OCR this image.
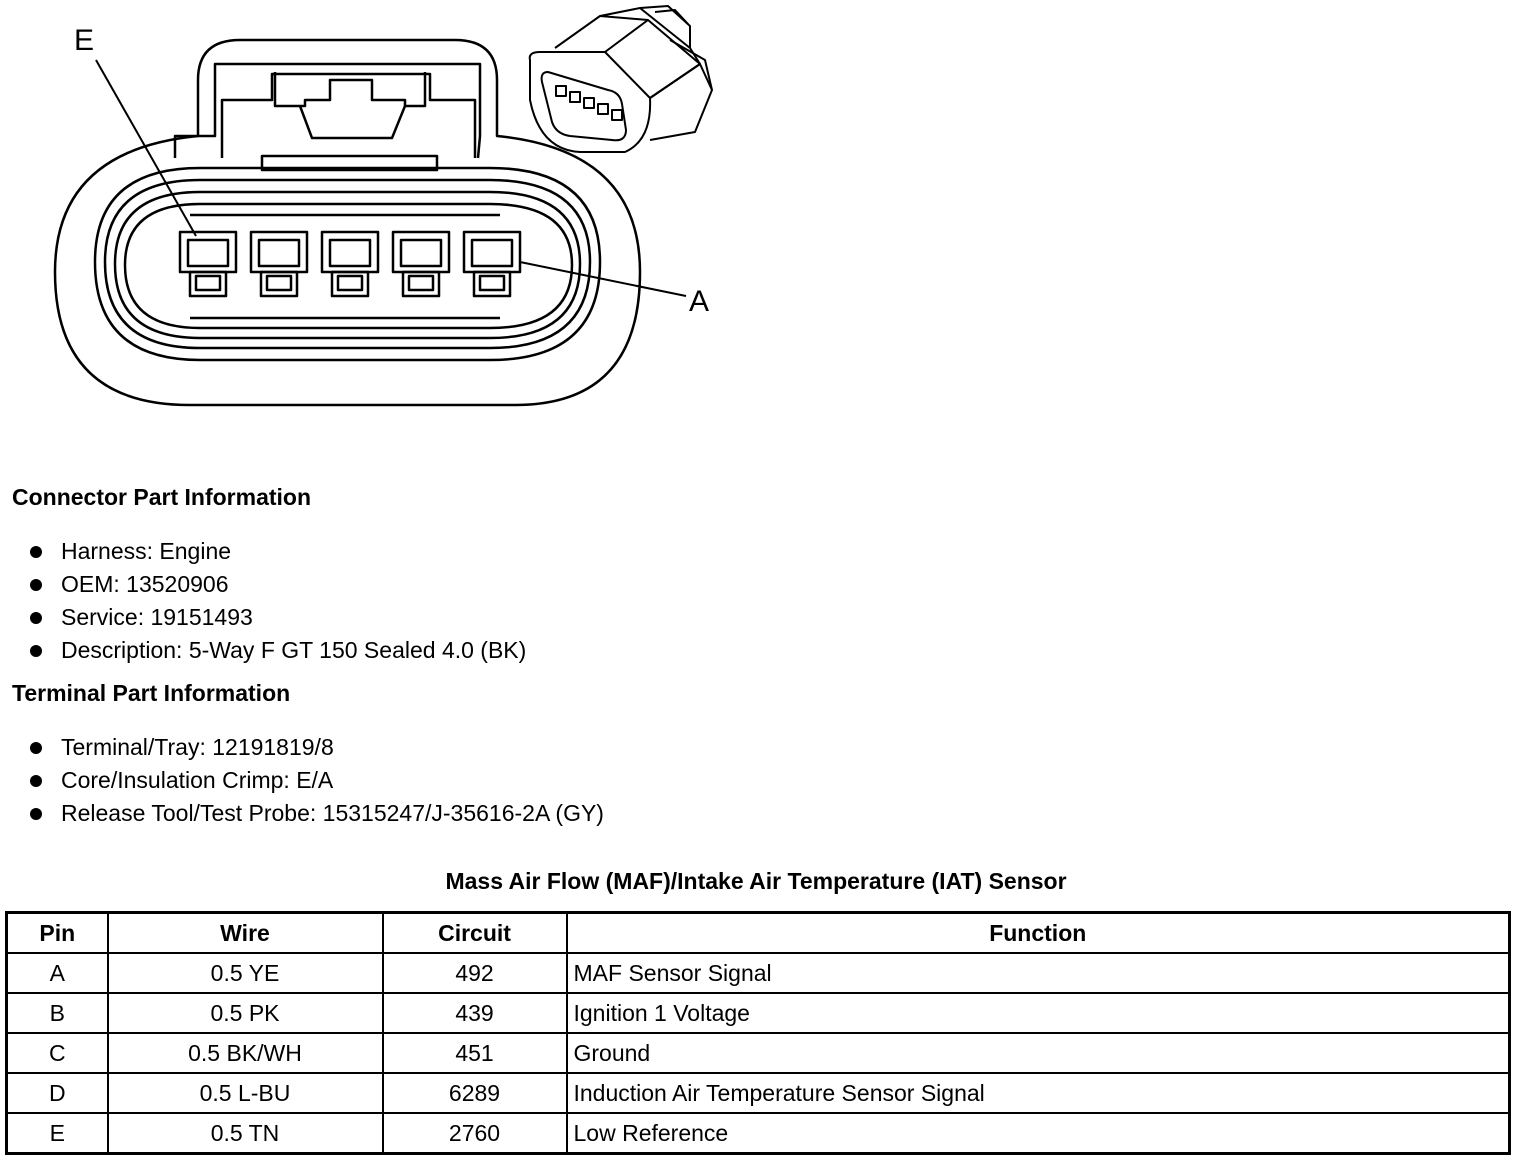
E
A
Connector Part Information
Harness: Engine
OEM: 13520906
Service: 19151493
Description: 5-Way F GT 150 Sealed 4.0 (BK)
Terminal Part Information
Terminal/Tray: 12191819/8
Core/Insulation Crimp: E/A
Release Tool/Test Probe: 15315247/J-35616-2A (GY)
Mass Air Flow (MAF)/Intake Air Temperature (IAT) Sensor
Pin	Wire	Circuit	Function
A	0.5 YE	492	MAF Sensor Signal
B	0.5 PK	439	Ignition 1 Voltage
C	0.5 BK/WH	451	Ground
D	0.5 L-BU	6289	Induction Air Temperature Sensor Signal
E	0.5 TN	2760	Low Reference
